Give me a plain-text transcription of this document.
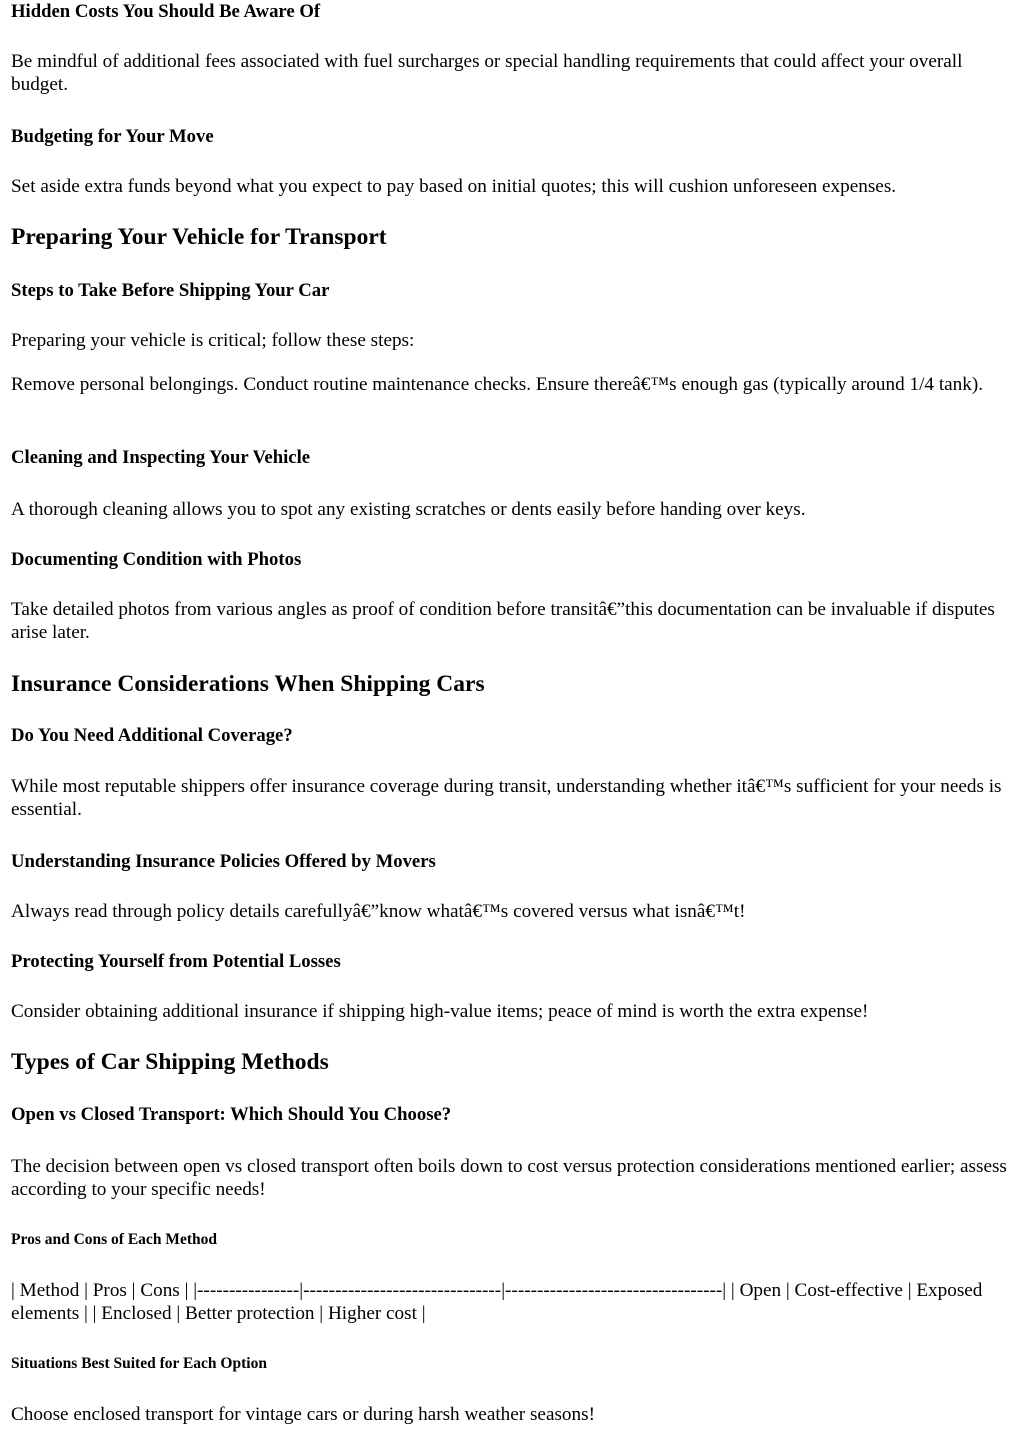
Hidden Costs You Should Be Aware Of

Be mindful of additional fees associated with fuel surcharges or special handling requirements that could affect your overall budget.

Budgeting for Your Move

Set aside extra funds beyond what you expect to pay based on initial quotes; this will cushion unforeseen expenses.

Preparing Your Vehicle for Transport
Steps to Take Before Shipping Your Car

Preparing your vehicle is critical; follow these steps:

Remove personal belongings. Conduct routine maintenance checks. Ensure thereâ€™s enough gas (typically around 1/4 tank).

Cleaning and Inspecting Your Vehicle

A thorough cleaning allows you to spot any existing scratches or dents easily before handing over keys.

Documenting Condition with Photos

Take detailed photos from various angles as proof of condition before transitâ€”this documentation can be invaluable if disputes arise later.

Insurance Considerations When Shipping Cars
Do You Need Additional Coverage?

While most reputable shippers offer insurance coverage during transit, understanding whether itâ€™s sufficient for your needs is essential.

Understanding Insurance Policies Offered by Movers

Always read through policy details carefullyâ€”know whatâ€™s covered versus what isnâ€™t!

Protecting Yourself from Potential Losses

Consider obtaining additional insurance if shipping high-value items; peace of mind is worth the extra expense!

Types of Car Shipping Methods
Open vs Closed Transport: Which Should You Choose?

The decision between open vs closed transport often boils down to cost versus protection considerations mentioned earlier; assess according to your specific needs!

Pros and Cons of Each Method

| Method | Pros | Cons | |----------------|-------------------------------|----------------------------------| | Open | Cost-effective | Exposed elements | | Enclosed | Better protection | Higher cost |

Situations Best Suited for Each Option

Choose enclosed transport for vintage cars or during harsh weather seasons!
